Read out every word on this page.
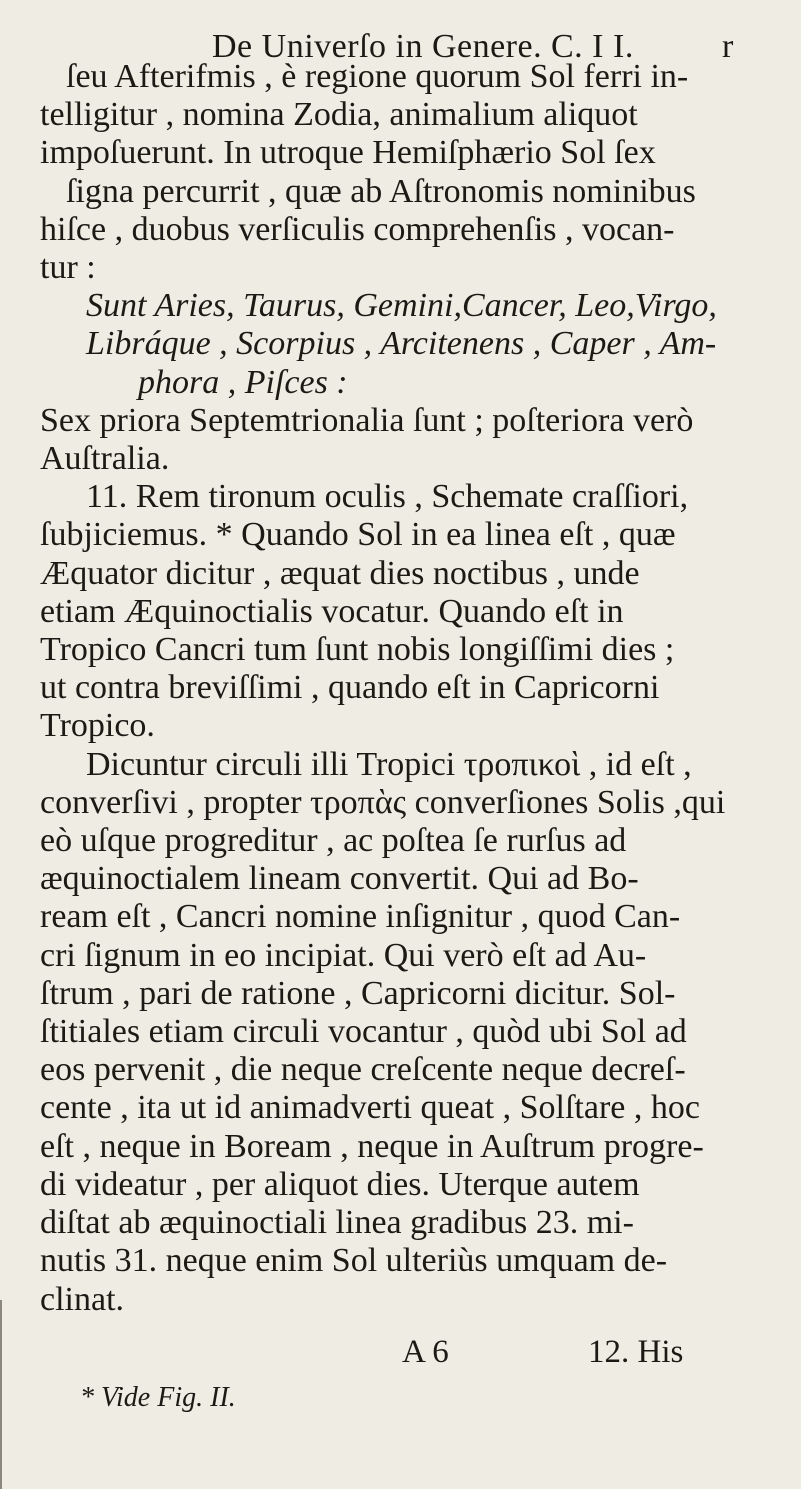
De Univerſo in Genere. C. I I.	r

ſeu Afterifmis , è regione quorum Sol ferri in-

telligitur , nomina Zodia, animalium aliquot

impoſuerunt. In utroque Hemiſphærio Sol ſex

ſigna percurrit , quæ ab Aſtronomis nominibus

hiſce , duobus verſiculis comprehenſis , vocan-

tur :

Sunt Aries, Taurus, Gemini,Cancer, Leo,Virgo,
Libráque , Scorpius , Arcitenens , Caper , Am-
phora , Piſces :

Sex priora Septemtrionalia ſunt ; poſteriora verò

Auſtralia.

11. Rem tironum oculis , Schemate craſſiori,

ſubjiciemus. * Quando Sol in ea linea eſt , quæ

Æquator dicitur , æquat dies noctibus , unde

etiam Æquinoctialis vocatur. Quando eſt in

Tropico Cancri tum ſunt nobis longiſſimi dies ;

ut contra breviſſimi , quando eſt in Capricorni

Tropico.

Dicuntur circuli illi Tropici τροπικοὶ , id eſt ,

converſivi , propter τροπὰς converſiones Solis ,qui

eò uſque progreditur , ac poſtea ſe rurſus ad

æquinoctialem lineam convertit. Qui ad Bo-

ream eſt , Cancri nomine inſignitur , quod Can-

cri ſignum in eo incipiat. Qui verò eſt ad Au-

ſtrum , pari de ratione , Capricorni dicitur. Sol-

ſtitiales etiam circuli vocantur , quòd ubi Sol ad

eos pervenit , die neque creſcente neque decreſ-

cente , ita ut id animadverti queat , Solſtare , hoc

eſt , neque in Boream , neque in Auſtrum progre-

di videatur , per aliquot dies. Uterque autem

diſtat ab æquinoctiali linea gradibus 23. mi-

nutis 31. neque enim Sol ulteriùs umquam de-

clinat.

A 6	12. His
* Vide Fig. II.
